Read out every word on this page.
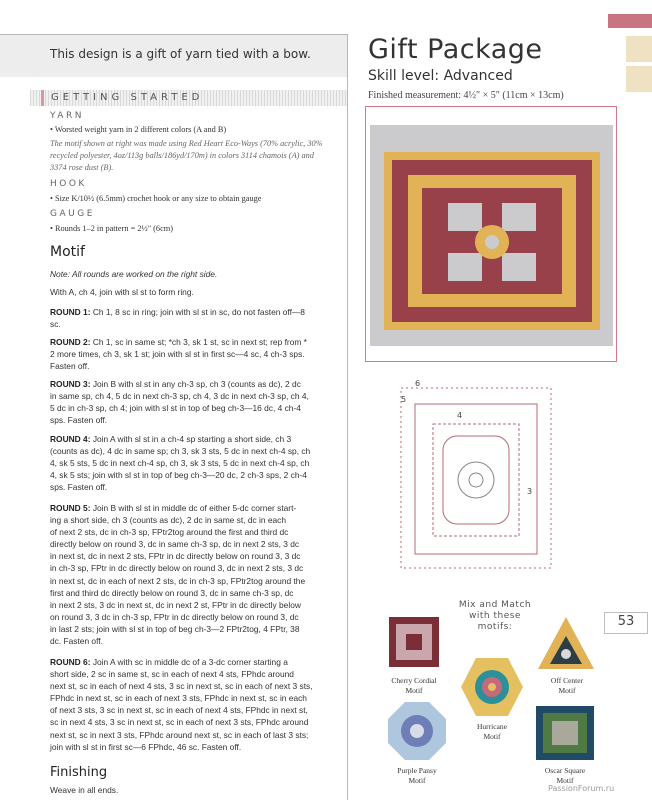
This design is a gift of yarn tied with a bow.
GETTING STARTED
YARN
• Worsted weight yarn in 2 different colors (A and B)
The motif shown at right was made using Red Heart Eco-Ways (70% acrylic, 30%
recycled polyester, 4oz/113g balls/186yd/170m) in colors 3114 chamois (A) and
3374 rose dust (B).
HOOK
• Size K/10½ (6.5mm) crochet hook or any size to obtain gauge
GAUGE
• Rounds 1–2 in pattern = 2½" (6cm)
Motif
Note: All rounds are worked on the right side.
With A, ch 4, join with sl st to form ring.
ROUND 1: Ch 1, 8 sc in ring; join with sl st in sc, do not fasten off—8
sc.
ROUND 2: Ch 1, sc in same st; *ch 3, sk 1 st, sc in next st; rep from *
2 more times, ch 3, sk 1 st; join with sl st in first sc—4 sc, 4 ch-3 sps.
Fasten off.
ROUND 3: Join B with sl st in any ch-3 sp, ch 3 (counts as dc), 2 dc
in same sp, ch 4, 5 dc in next ch-3 sp, ch 4, 3 dc in next ch-3 sp, ch 4,
5 dc in ch-3 sp, ch 4; join with sl st in top of beg ch-3—16 dc, 4 ch-4
sps. Fasten off.
ROUND 4: Join A with sl st in a ch-4 sp starting a short side, ch 3
(counts as dc), 4 dc in same sp; ch 3, sk 3 sts, 5 dc in next ch-4 sp, ch
4, sk 5 sts, 5 dc in next ch-4 sp, ch 3, sk 3 sts, 5 dc in next ch-4 sp, ch
4, sk 5 sts; join with sl st in top of beg ch-3—20 dc, 2 ch-3 sps, 2 ch-4
sps. Fasten off.
ROUND 5: Join B with sl st in middle dc of either 5-dc corner start-
ing a short side, ch 3 (counts as dc), 2 dc in same st, dc in each
of next 2 sts, dc in ch-3 sp, FPtr2tog around the first and third dc
directly below on round 3, dc in same ch-3 sp, dc in next 2 sts, 3 dc
in next st, dc in next 2 sts, FPtr in dc directly below on round 3, 3 dc
in ch-3 sp, FPtr in dc directly below on round 3, dc in next 2 sts, 3 dc
in next st, dc in each of next 2 sts, dc in ch-3 sp, FPtr2tog around the
first and third dc directly below on round 3, dc in same ch-3 sp, dc
in next 2 sts, 3 dc in next st, dc in next 2 st, FPtr in dc directly below
on round 3, 3 dc in ch-3 sp, FPtr in dc directly below on round 3, dc
in last 2 sts; join with sl st in top of beg ch-3—2 FPtr2tog, 4 FPtr, 38
dc. Fasten off.
ROUND 6: Join A with sc in middle dc of a 3-dc corner starting a
short side, 2 sc in same st, sc in each of next 4 sts, FPhdc around
next st, sc in each of next 4 sts, 3 sc in next st, sc in each of next 3 sts,
FPhdc in next st, sc in each of next 3 sts, FPhdc in next st, sc in each
of next 3 sts, 3 sc in next st, sc in each of next 4 sts, FPhdc in next st,
sc in next 4 sts, 3 sc in next st, sc in each of next 3 sts, FPhdc around
next st, sc in next 3 sts, FPhdc around next st, sc in each of last 3 sts;
join with sl st in first sc—6 FPhdc, 46 sc. Fasten off.
Finishing
Weave in all ends.
Gift Package
Skill level: Advanced
Finished measurement: 4½" × 5" (11cm × 13cm)
6
5
4
3
Mix and Match
with these
motifs:
Cherry Cordial
Motif
Off Center
Motif
Hurricane
Motif
Purple Pansy
Motif
Oscar Square
Motif
53
PassionForum.ru
